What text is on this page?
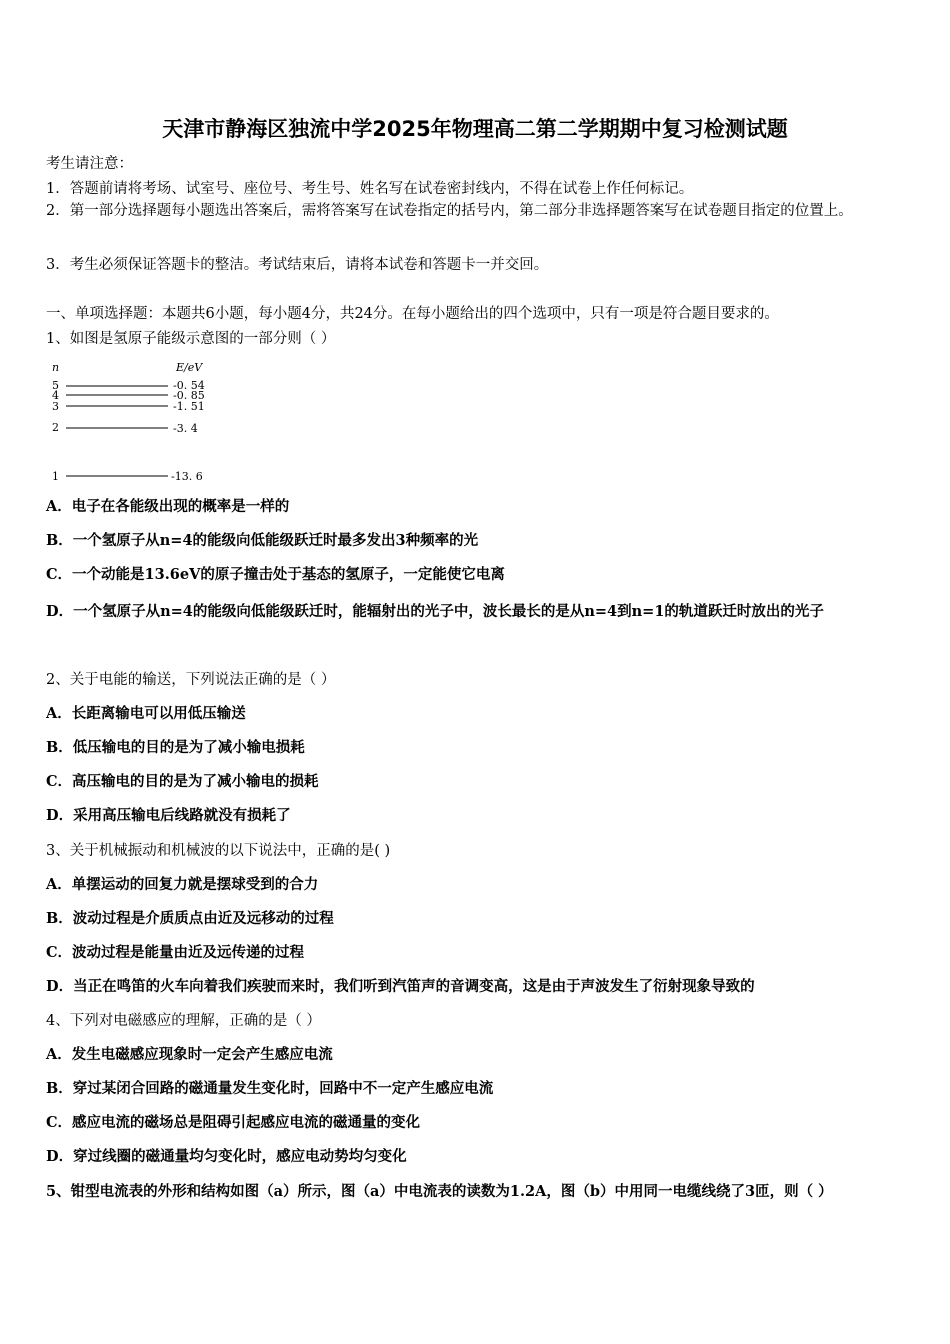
天津市静海区独流中学2025年物理高二第二学期期中复习检测试题
考生请注意：
1．答题前请将考场、试室号、座位号、考生号、姓名写在试卷密封线内，不得在试卷上作任何标记。
2．第一部分选择题每小题选出答案后，需将答案写在试卷指定的括号内，第二部分非选择题答案写在试卷题目指定的位置上。
3．考生必须保证答题卡的整洁。考试结束后，请将本试卷和答题卡一并交回。
一、单项选择题：本题共6小题，每小题4分，共24分。在每小题给出的四个选项中，只有一项是符合题目要求的。
1、如图是氢原子能级示意图的一部分则（ ）
n	E/eV
5	-0. 54
4	-0. 85
3	-1. 51
2	-3. 4
1	-13. 6
A．电子在各能级出现的概率是一样的
B．一个氢原子从n=4的能级向低能级跃迁时最多发出3种频率的光
C．一个动能是13.6eV的原子撞击处于基态的氢原子，一定能使它电离
D．一个氢原子从n=4的能级向低能级跃迁时，能辐射出的光子中，波长最长的是从n=4到n=1的轨道跃迁时放出的光子
2、关于电能的输送，下列说法正确的是（ ）
A．长距离输电可以用低压输送
B．低压输电的目的是为了减小输电损耗
C．高压输电的目的是为了减小输电的损耗
D．采用高压输电后线路就没有损耗了
3、关于机械振动和机械波的以下说法中，正确的是( )
A．单摆运动的回复力就是摆球受到的合力
B．波动过程是介质质点由近及远移动的过程
C．波动过程是能量由近及远传递的过程
D．当正在鸣笛的火车向着我们疾驶而来时，我们听到汽笛声的音调变高，这是由于声波发生了衍射现象导致的
4、下列对电磁感应的理解，正确的是（ ）
A．发生电磁感应现象时一定会产生感应电流
B．穿过某闭合回路的磁通量发生变化时，回路中不一定产生感应电流
C．感应电流的磁场总是阻碍引起感应电流的磁通量的变化
D．穿过线圈的磁通量均匀变化时，感应电动势均匀变化
5、钳型电流表的外形和结构如图（a）所示，图（a）中电流表的读数为1.2A，图（b）中用同一电缆线绕了3匝，则（ ）
